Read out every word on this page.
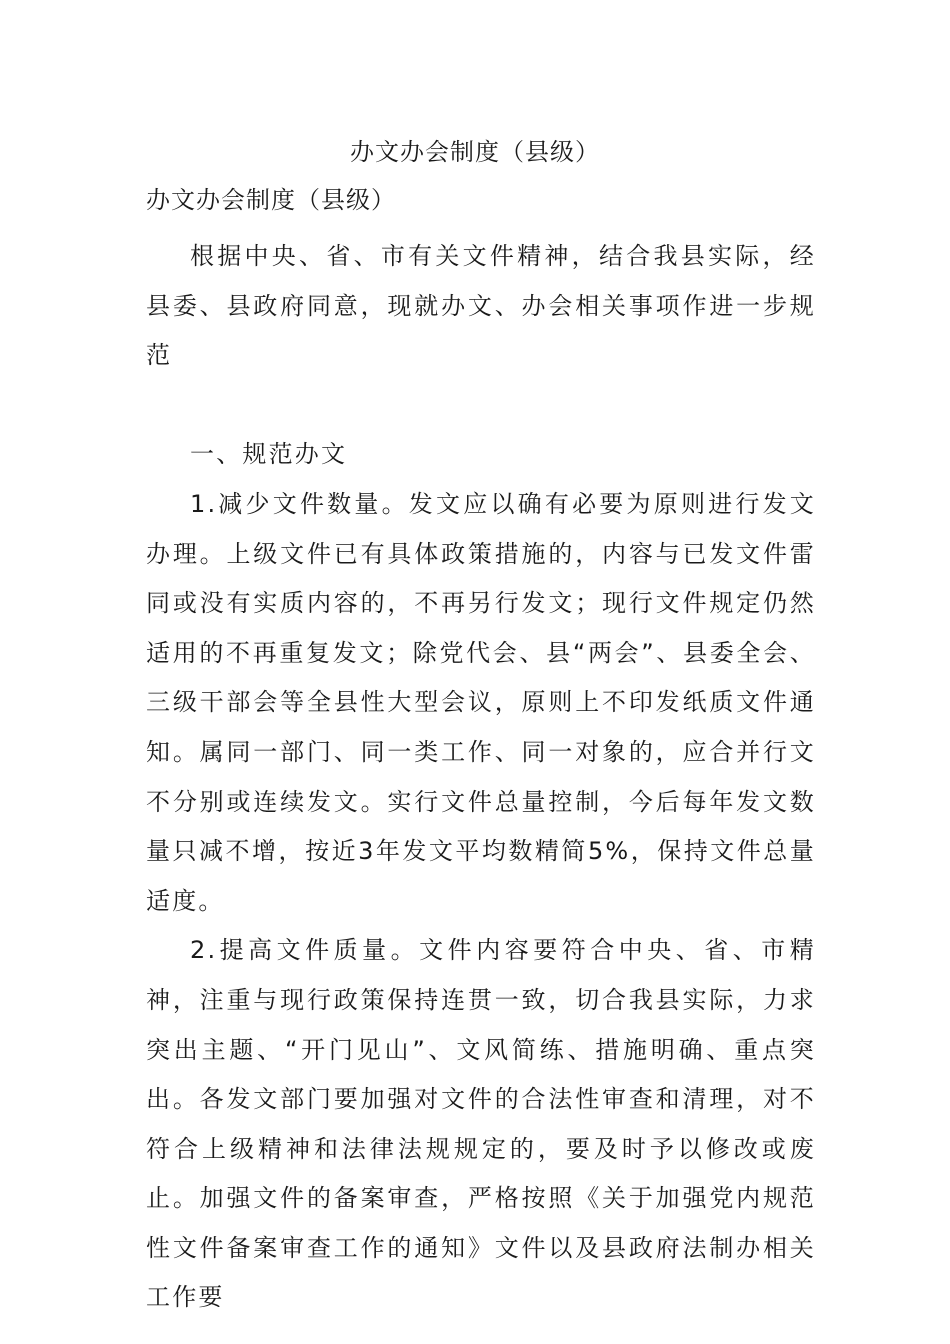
办文办会制度（县级）
办文办会制度（县级）

根据中央、省、市有关文件精神，结合我县实际，经县委、县政府同意，现就办文、办会相关事项作进一步规范

一、规范办文

1.减少文件数量。发文应以确有必要为原则进行发文办理。上级文件已有具体政策措施的，内容与已发文件雷同或没有实质内容的，不再另行发文；现行文件规定仍然适用的不再重复发文；除党代会、县“两会”、县委全会、三级干部会等全县性大型会议，原则上不印发纸质文件通知。属同一部门、同一类工作、同一对象的，应合并行文不分别或连续发文。实行文件总量控制，今后每年发文数量只减不增，按近3年发文平均数精简5%，保持文件总量适度。

2.提高文件质量。文件内容要符合中央、省、市精神，注重与现行政策保持连贯一致，切合我县实际，力求突出主题、“开门见山”、文风简练、措施明确、重点突出。各发文部门要加强对文件的合法性审查和清理，对不符合上级精神和法律法规规定的，要及时予以修改或废止。加强文件的备案审查，严格按照《关于加强党内规范性文件备案审查工作的通知》文件以及县政府法制办相关工作要
